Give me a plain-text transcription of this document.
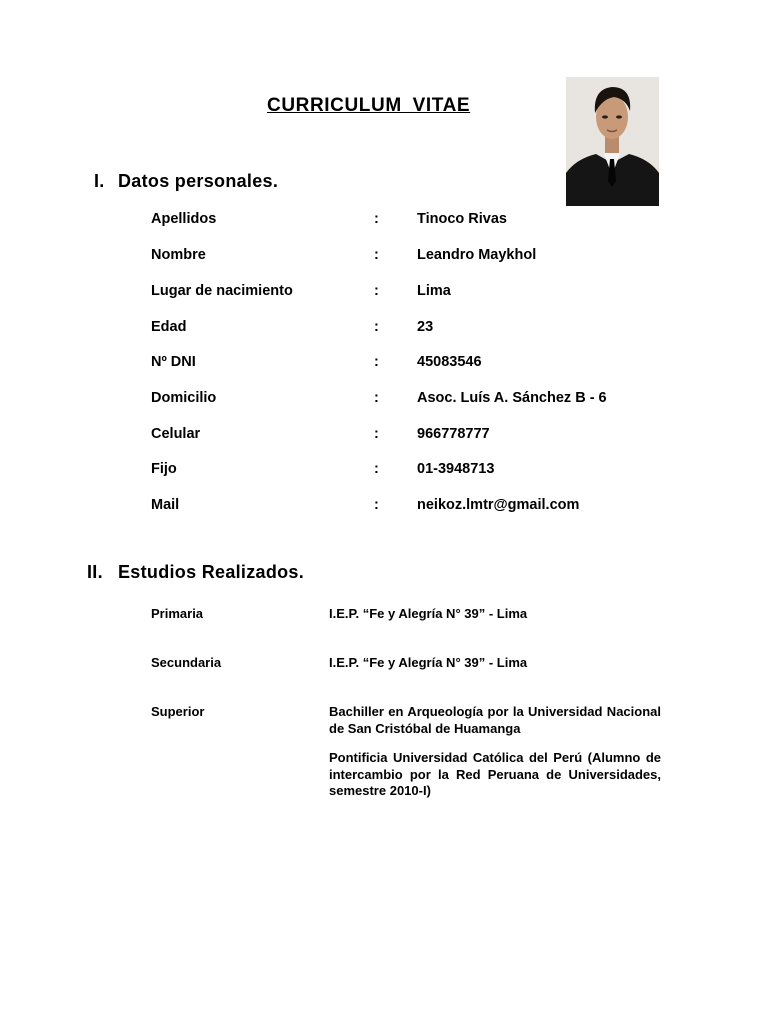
CURRICULUM VITAE
I. Datos personales.
Apellidos	:	Tinoco Rivas
Nombre	:	Leandro Maykhol
Lugar de nacimiento	:	Lima
Edad	:	23
Nº DNI	:	45083546
Domicilio	:	Asoc. Luís A. Sánchez B - 6
Celular	:	966778777
Fijo	:	01-3948713
Mail	:	neikoz.lmtr@gmail.com
II. Estudios Realizados.
Primaria	I.E.P. “Fe y Alegría N° 39” - Lima

Secundaria	I.E.P. “Fe y Alegría N° 39” - Lima

Superior	Bachiller en Arqueología por la Universidad Nacional de San Cristóbal de Huamanga

Pontificia Universidad Católica del Perú (Alumno de intercambio por la Red Peruana de Universidades, semestre 2010-I)
